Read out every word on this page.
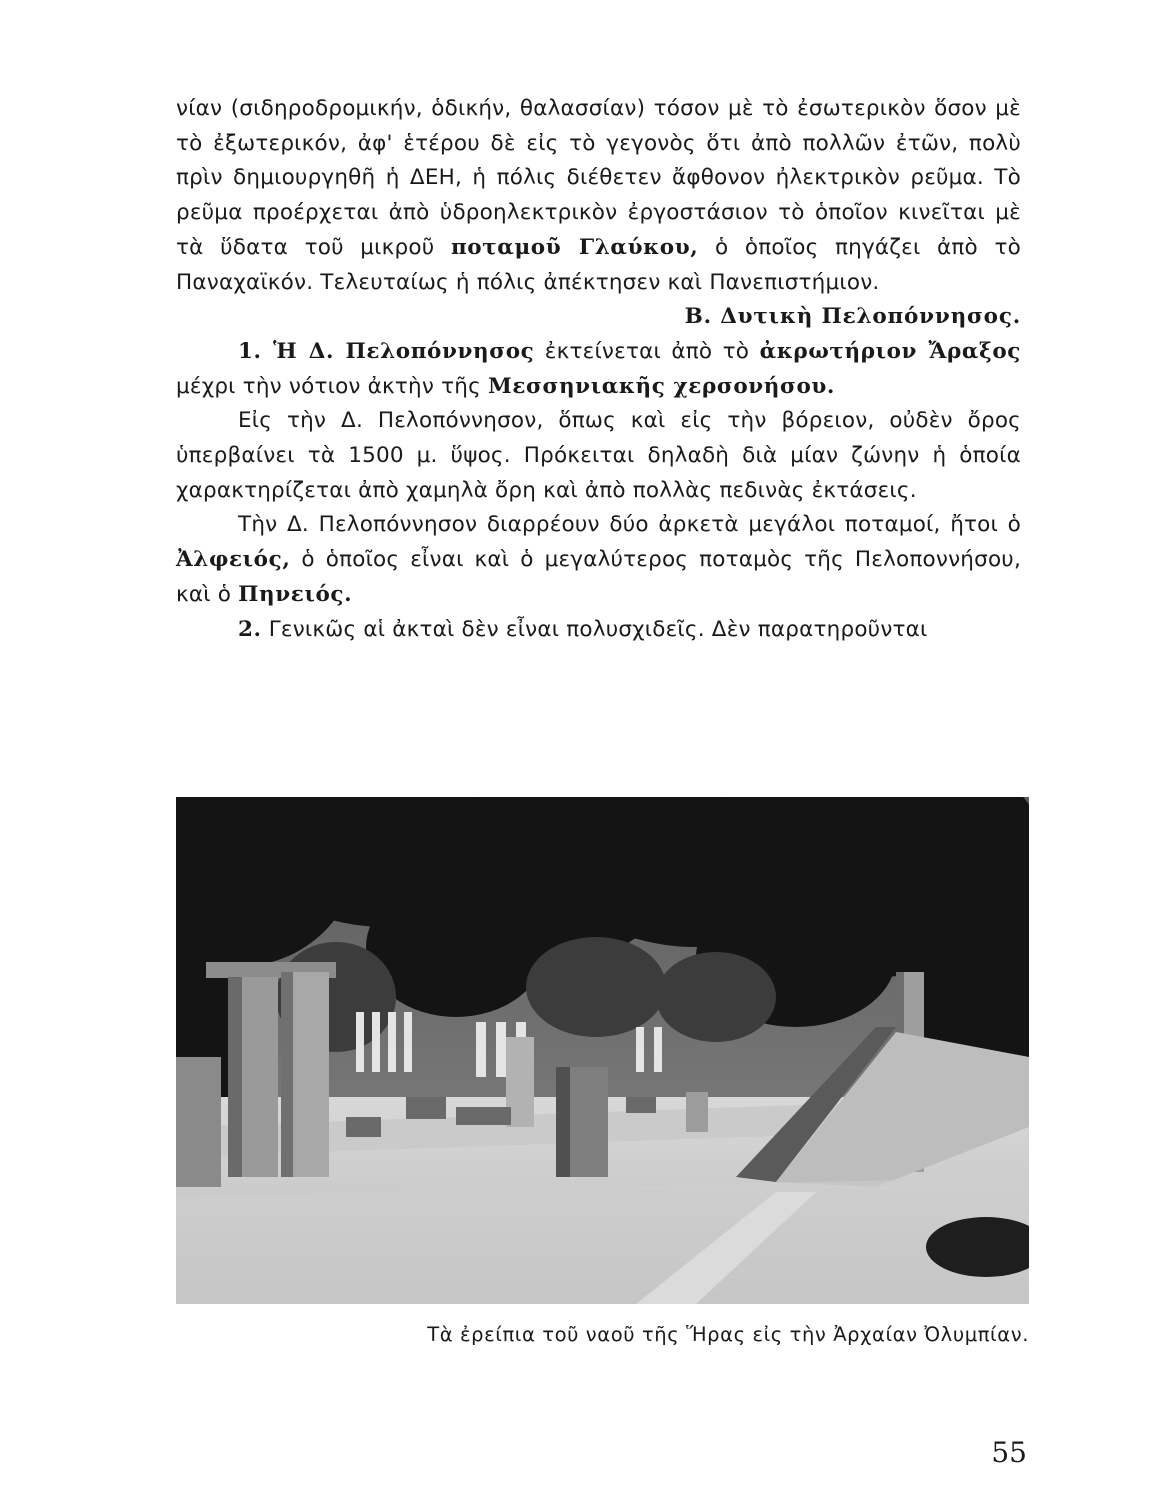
νίαν (σιδηροδρομικήν, ὁδικήν, θαλασσίαν) τόσον μὲ τὸ ἐσωτερικὸν ὅσον μὲ τὸ ἐξωτερικόν, ἀφ' ἑτέρου δὲ εἰς τὸ γεγονὸς ὅτι ἀπὸ πολλῶν ἐτῶν, πολὺ πρὶν δημιουργηθῆ ἡ ΔΕΗ, ἡ πόλις διέθετεν ἄφθονον ἠλεκτρικὸν ρεῦμα. Τὸ ρεῦμα προέρχεται ἀπὸ ὑδροηλεκτρικὸν ἐργοστάσιον τὸ ὁποῖον κινεῖται μὲ τὰ ὕδατα τοῦ μικροῦ ποταμοῦ Γλαύκου, ὁ ὁποῖος πηγάζει ἀπὸ τὸ Παναχαϊκόν. Τελευταίως ἡ πόλις ἀπέκτησεν καὶ Πανεπιστήμιον.

Β. Δυτικὴ Πελοπόννησος.

1. Ἡ Δ. Πελοπόννησος ἐκτείνεται ἀπὸ τὸ ἀκρωτήριον Ἄραξος μέχρι τὴν νότιον ἀκτὴν τῆς Μεσσηνιακῆς χερσονήσου.

Εἰς τὴν Δ. Πελοπόννησον, ὅπως καὶ εἰς τὴν βόρειον, οὐδὲν ὄρος ὑπερβαίνει τὰ 1500 μ. ὕψος. Πρόκειται δηλαδὴ διὰ μίαν ζώνην ἡ ὁποία χαρακτηρίζεται ἀπὸ χαμηλὰ ὄρη καὶ ἀπὸ πολλὰς πεδινὰς ἐκτάσεις.

Τὴν Δ. Πελοπόννησον διαρρέουν δύο ἀρκετὰ μεγάλοι ποταμοί, ἤτοι ὁ Ἀλφειός, ὁ ὁποῖος εἶναι καὶ ὁ μεγαλύτερος ποταμὸς τῆς Πελοποννήσου, καὶ ὁ Πηνειός.

2. Γενικῶς αἱ ἀκταὶ δὲν εἶναι πολυσχιδεῖς. Δὲν παρατηροῦνται

Τὰ ἐρείπια τοῦ ναοῦ τῆς Ἥρας εἰς τὴν Ἀρχαίαν Ὀλυμπίαν.
55
